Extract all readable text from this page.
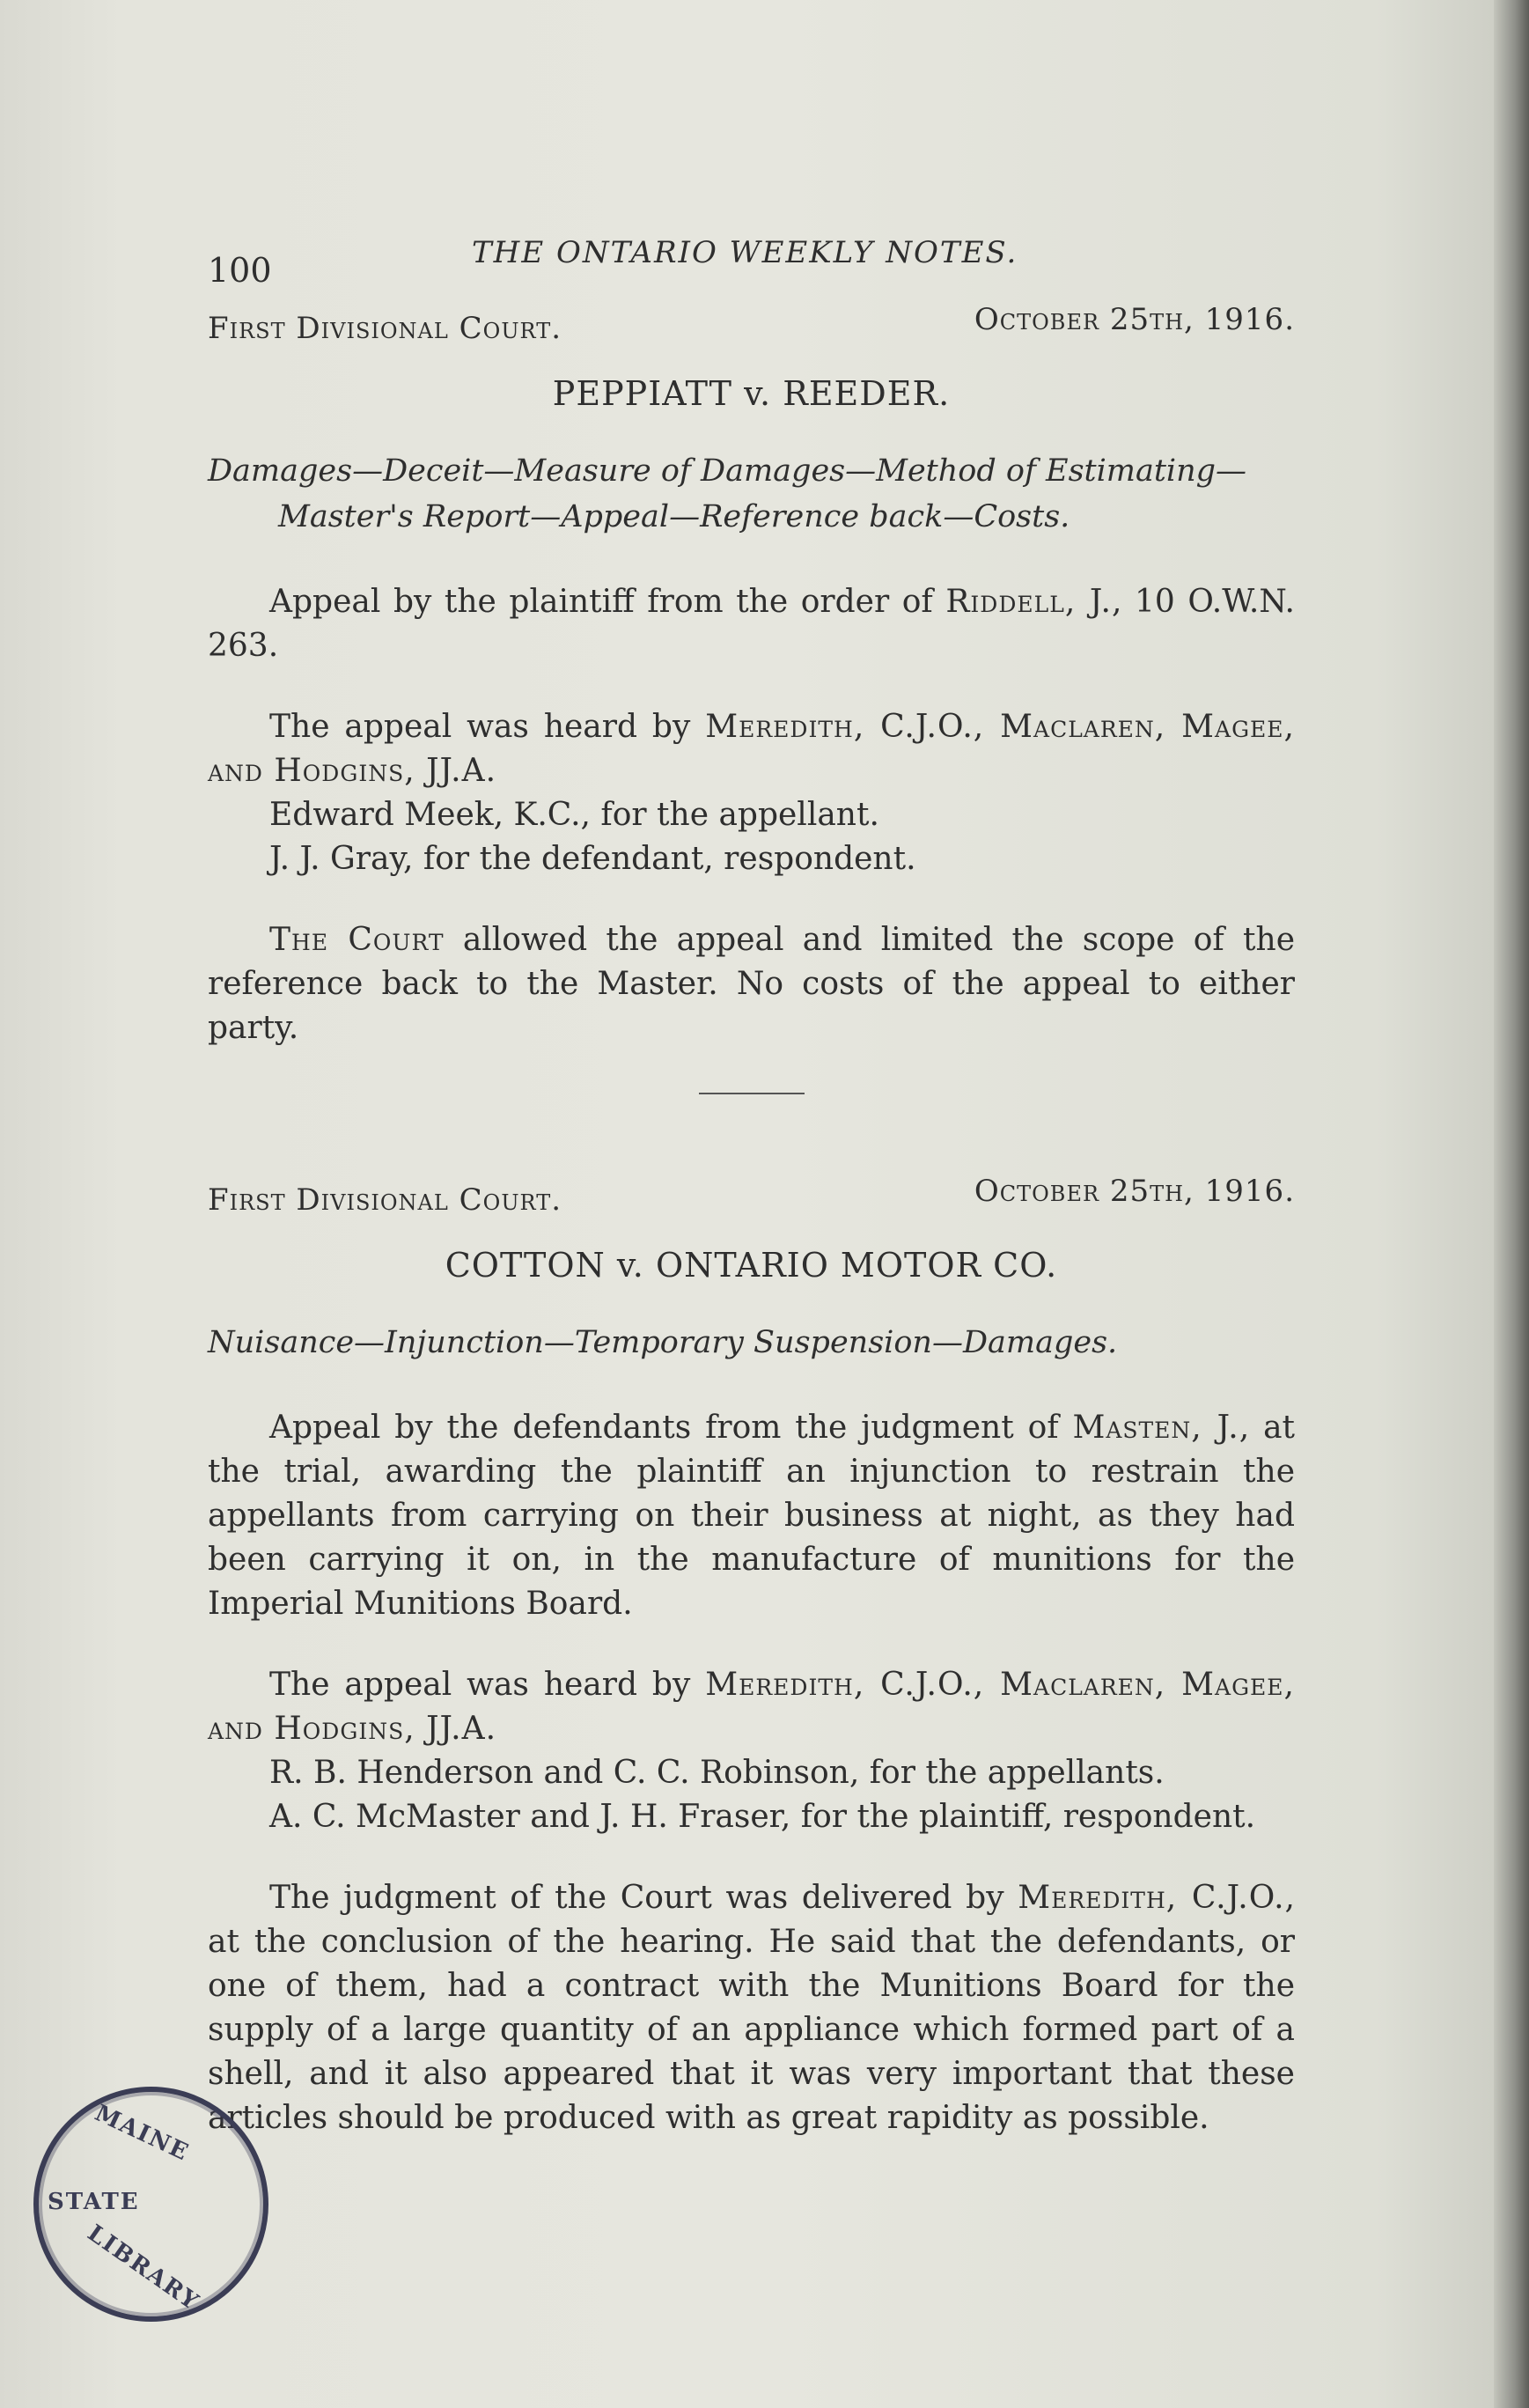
100	THE ONTARIO WEEKLY NOTES.
First Divisional Court.	October 25th, 1916.
PEPPIATT v. REEDER.
Damages—Deceit—Measure of Damages—Method of Estimating—Master's Report—Appeal—Reference back—Costs.

Appeal by the plaintiff from the order of Riddell, J., 10 O.W.N. 263.

The appeal was heard by Meredith, C.J.O., Maclaren, Magee, and Hodgins, JJ.A.

Edward Meek, K.C., for the appellant.

J. J. Gray, for the defendant, respondent.

The Court allowed the appeal and limited the scope of the reference back to the Master. No costs of the appeal to either party.

First Divisional Court.	October 25th, 1916.
COTTON v. ONTARIO MOTOR CO.
Nuisance—Injunction—Temporary Suspension—Damages.

Appeal by the defendants from the judgment of Masten, J., at the trial, awarding the plaintiff an injunction to restrain the appellants from carrying on their business at night, as they had been carrying it on, in the manufacture of munitions for the Imperial Munitions Board.

The appeal was heard by Meredith, C.J.O., Maclaren, Magee, and Hodgins, JJ.A.

R. B. Henderson and C. C. Robinson, for the appellants.

A. C. McMaster and J. H. Fraser, for the plaintiff, respondent.

The judgment of the Court was delivered by Meredith, C.J.O., at the conclusion of the hearing. He said that the defendants, or one of them, had a contract with the Munitions Board for the supply of a large quantity of an appliance which formed part of a shell, and it also appeared that it was very important that these articles should be produced with as great rapidity as possible.

MAINE
STATE
LIBRARY
